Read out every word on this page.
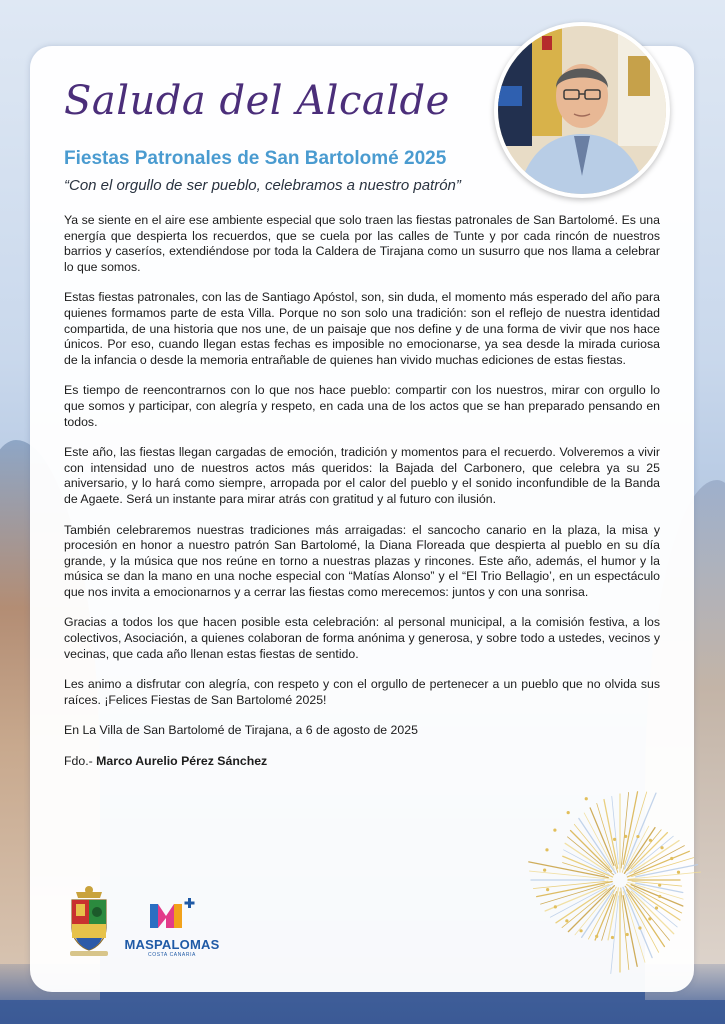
Saluda del Alcalde
Fiestas Patronales de San Bartolomé 2025

“Con el orgullo de ser pueblo, celebramos a nuestro patrón”

Ya se siente en el aire ese ambiente especial que solo traen las fiestas patronales de San Bartolomé. Es una energía que despierta los recuerdos, que se cuela por las calles de Tunte y por cada rincón de nuestros barrios y caseríos, extendiéndose por toda la Caldera de Tirajana como un susurro que nos llama a celebrar lo que somos.

Estas fiestas patronales, con las de Santiago Apóstol, son, sin duda, el momento más esperado del año para quienes formamos parte de esta Villa. Porque no son solo una tradición: son el reflejo de nuestra identidad compartida, de una historia que nos une, de un paisaje que nos define y de una forma de vivir que nos hace únicos. Por eso, cuando llegan estas fechas es imposible no emocionarse, ya sea desde la mirada curiosa de la infancia o desde la memoria entrañable de quienes han vivido muchas ediciones de estas fiestas.

Es tiempo de reencontrarnos con lo que nos hace pueblo: compartir con los nuestros, mirar con orgullo lo que somos y participar, con alegría y respeto, en cada una de los actos que se han preparado pensando en todos.

Este año, las fiestas llegan cargadas de emoción, tradición y momentos para el recuerdo. Volveremos a vivir con intensidad uno de nuestros actos más queridos: la Bajada del Carbonero, que celebra ya su 25 aniversario, y lo hará como siempre, arropada por el calor del pueblo y el sonido inconfundible de la Banda de Agaete. Será un instante para mirar atrás con gratitud y al futuro con ilusión.

También celebraremos nuestras tradiciones más arraigadas: el sancocho canario en la plaza, la misa y procesión en honor a nuestro patrón San Bartolomé, la Diana Floreada que despierta al pueblo en su día grande, y la música que nos reúne en torno a nuestras plazas y rincones. Este año, además, el humor y la música se dan la mano en una noche especial con “Matías Alonso” y el “El Trio Bellagio’, en un espectáculo que nos invita a emocionarnos y a cerrar las fiestas como merecemos: juntos y con una sonrisa.

Gracias a todos los que hacen posible esta celebración: al personal municipal, a la comisión festiva, a los colectivos, Asociación, a quienes colaboran de forma anónima y generosa, y sobre todo a ustedes, vecinos y vecinas, que cada año llenan estas fiestas de sentido.

Les animo a disfrutar con alegría, con respeto y con el orgullo de pertenecer a un pueblo que no olvida sus raíces. ¡Felices Fiestas de San Bartolomé 2025!

En La Villa de San Bartolomé de Tirajana, a 6 de agosto de 2025

Fdo.- Marco Aurelio Pérez Sánchez

MASPALOMAS
COSTA CANARIA
